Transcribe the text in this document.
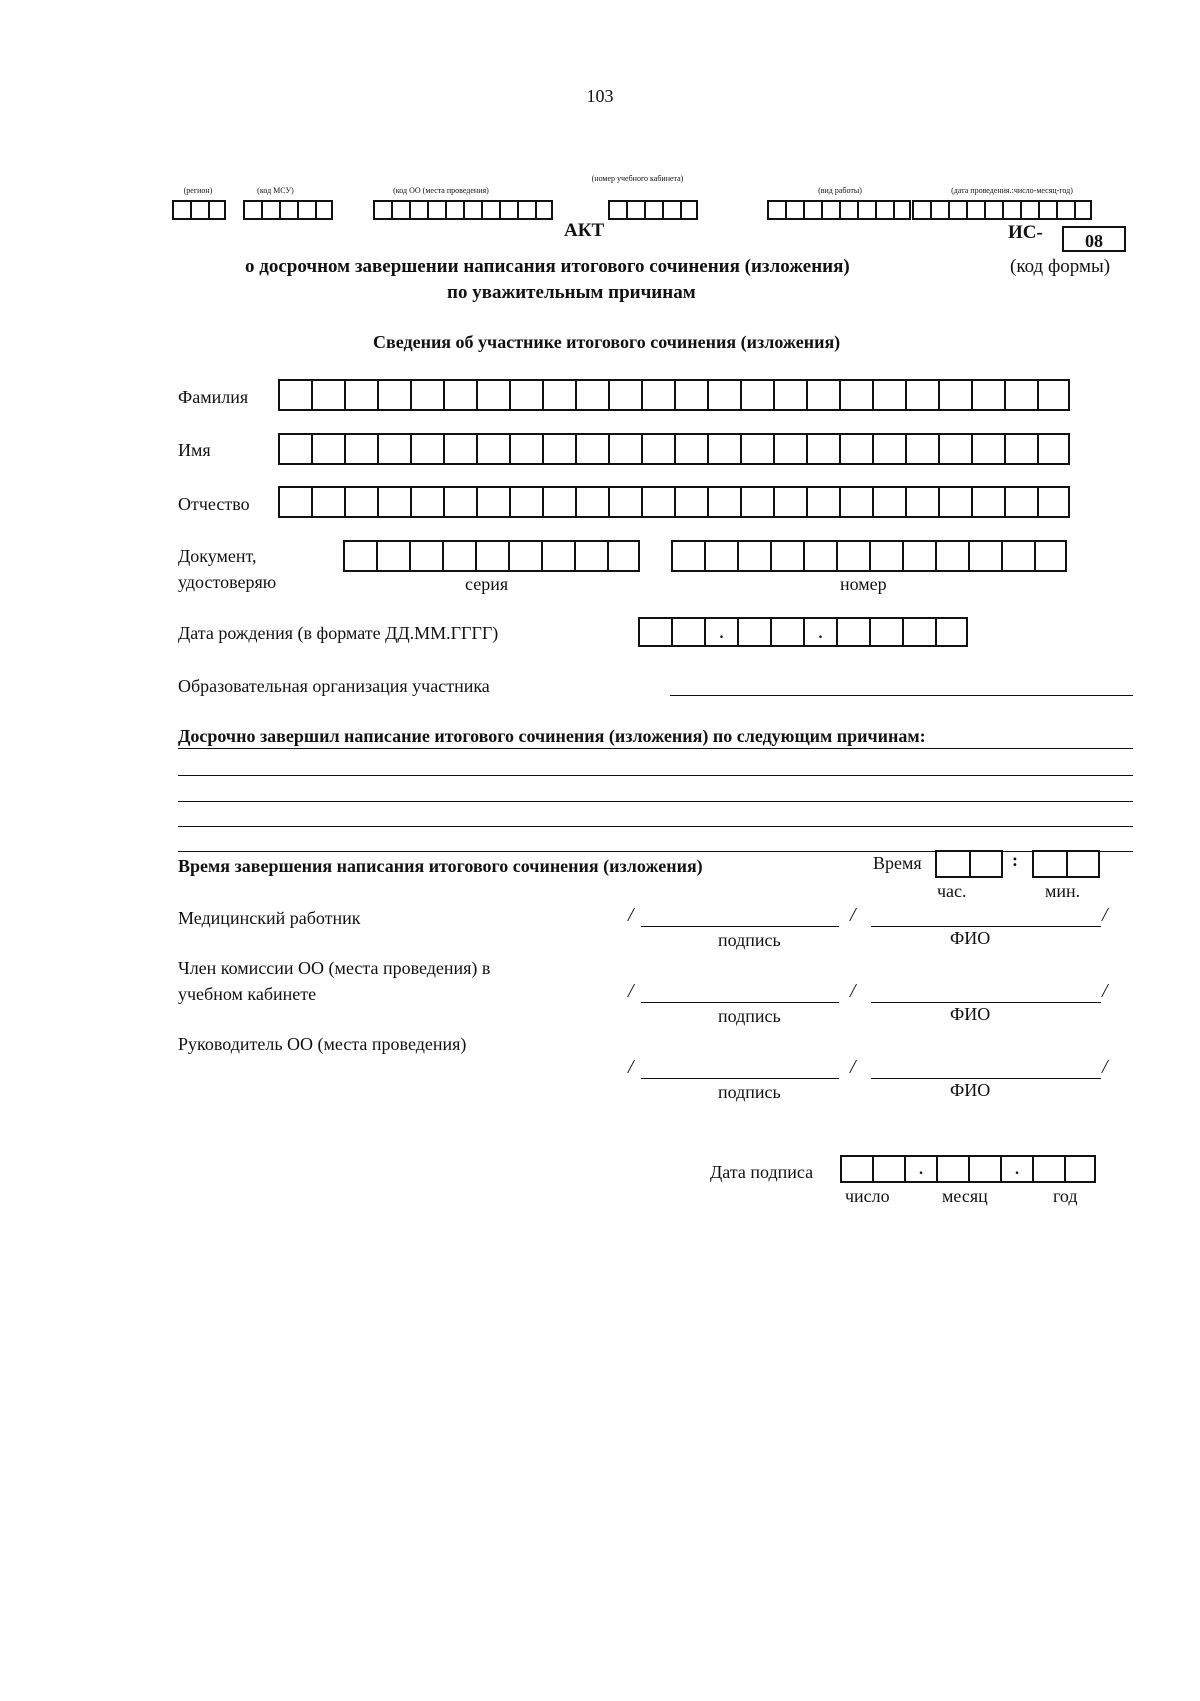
103
(регион)	(код МСУ)	(код ОО (места проведения)
(номер учебного кабинета)
(вид работы)	(дата проведения.:число-месяц-год)
АКТ	ИС-	08
о досрочном завершении написания итогового сочинения (изложения)	(код формы)
по уважительным причинам
Сведения об участнике итогового сочинения (изложения)
Фамилия
Имя
Отчество
Документ,
удостоверяю	серия	номер
Дата рождения (в формате ДД.ММ.ГГГГ)	.	.
Образовательная организация участника
Досрочно завершил написание итогового сочинения (изложения) по следующим причинам:
Время завершения написания итогового сочинения (изложения)	Время	:
час.	мин.
Медицинский работник	/	/	/
подпись	ФИО
Член комиссии ОО (места проведения) в
учебном кабинете	/	/	/
подпись	ФИО
Руководитель ОО (места проведения)
/	/	/
подпись	ФИО
Дата подписа	.	.
число	месяц	год
